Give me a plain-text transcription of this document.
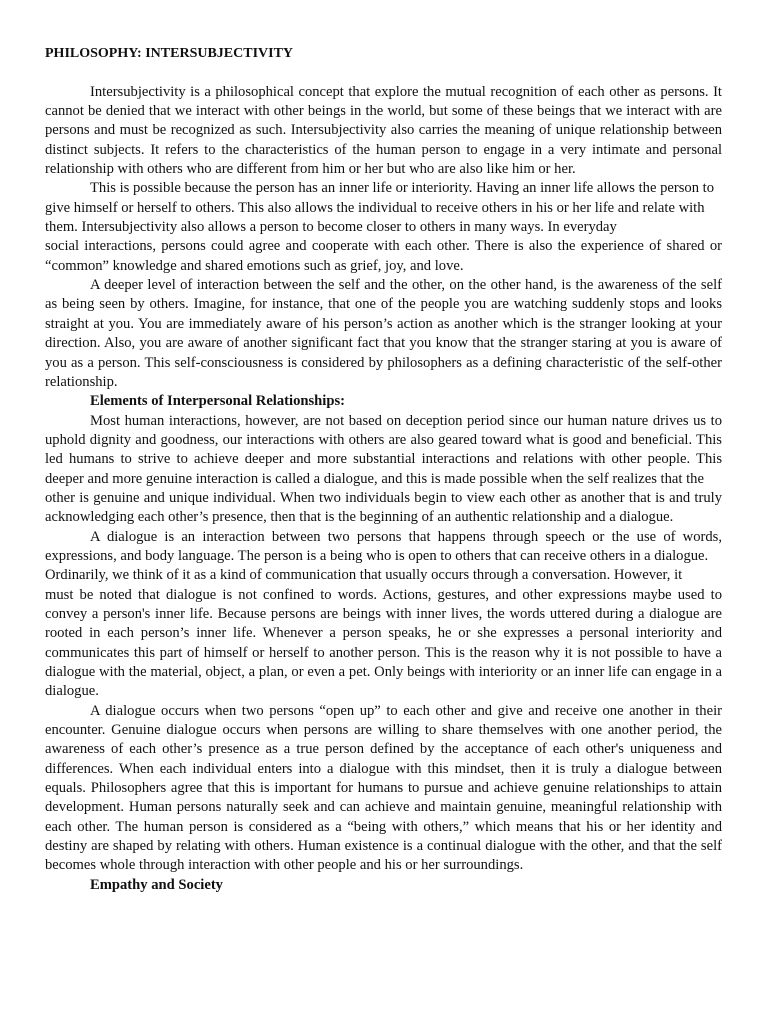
PHILOSOPHY: INTERSUBJECTIVITY

Intersubjectivity is a philosophical concept that explore the mutual recognition of each other as persons. It cannot be denied that we interact with other beings in the world, but some of these beings that we interact with are persons and must be recognized as such. Intersubjectivity also carries the meaning of unique relationship between distinct subjects. It refers to the characteristics of the human person to engage in a very intimate and personal relationship with others who are different from him or her but who are also like him or her.

This is possible because the person has an inner life or interiority. Having an inner life allows the person to give himself or herself to others. This also allows the individual to receive others in his or her life and relate with them. Intersubjectivity also allows a person to become closer to others in many ways. In everyday

social interactions, persons could agree and cooperate with each other. There is also the experience of shared or “common” knowledge and shared emotions such as grief, joy, and love.

A deeper level of interaction between the self and the other, on the other hand, is the awareness of the self as being seen by others. Imagine, for instance, that one of the people you are watching suddenly stops and looks straight at you. You are immediately aware of his person’s action as another which is the stranger looking at your direction. Also, you are aware of another significant fact that you know that the stranger staring at you is aware of you as a person. This self-consciousness is considered by philosophers as a defining characteristic of the self-other relationship.

Elements of Interpersonal Relationships:

Most human interactions, however, are not based on deception period since our human nature drives us to uphold dignity and goodness, our interactions with others are also geared toward what is good and beneficial. This led humans to strive to achieve deeper and more substantial interactions and relations with other people. This deeper and more genuine interaction is called a dialogue, and this is made possible when the self realizes that the

other is genuine and unique individual. When two individuals begin to view each other as another that is and truly acknowledging each other’s presence, then that is the beginning of an authentic relationship and a dialogue.

A dialogue is an interaction between two persons that happens through speech or the use of words, expressions, and body language. The person is a being who is open to others that can receive others in a dialogue.

Ordinarily, we think of it as a kind of communication that usually occurs through a conversation. However, it

must be noted that dialogue is not confined to words. Actions, gestures, and other expressions maybe used to convey a person's inner life. Because persons are beings with inner lives, the words uttered during a dialogue are rooted in each person’s inner life. Whenever a person speaks, he or she expresses a personal interiority and communicates this part of himself or herself to another person. This is the reason why it is not possible to have a dialogue with the material, object, a plan, or even a pet. Only beings with interiority or an inner life can engage in a dialogue.

A dialogue occurs when two persons “open up” to each other and give and receive one another in their encounter. Genuine dialogue occurs when persons are willing to share themselves with one another period, the awareness of each other’s presence as a true person defined by the acceptance of each other's uniqueness and differences. When each individual enters into a dialogue with this mindset, then it is truly a dialogue between equals. Philosophers agree that this is important for humans to pursue and achieve genuine relationships to attain development. Human persons naturally seek and can achieve and maintain genuine, meaningful relationship with each other. The human person is considered as a “being with others,” which means that his or her identity and destiny are shaped by relating with others. Human existence is a continual dialogue with the other, and that the self becomes whole through interaction with other people and his or her surroundings.

Empathy and Society
